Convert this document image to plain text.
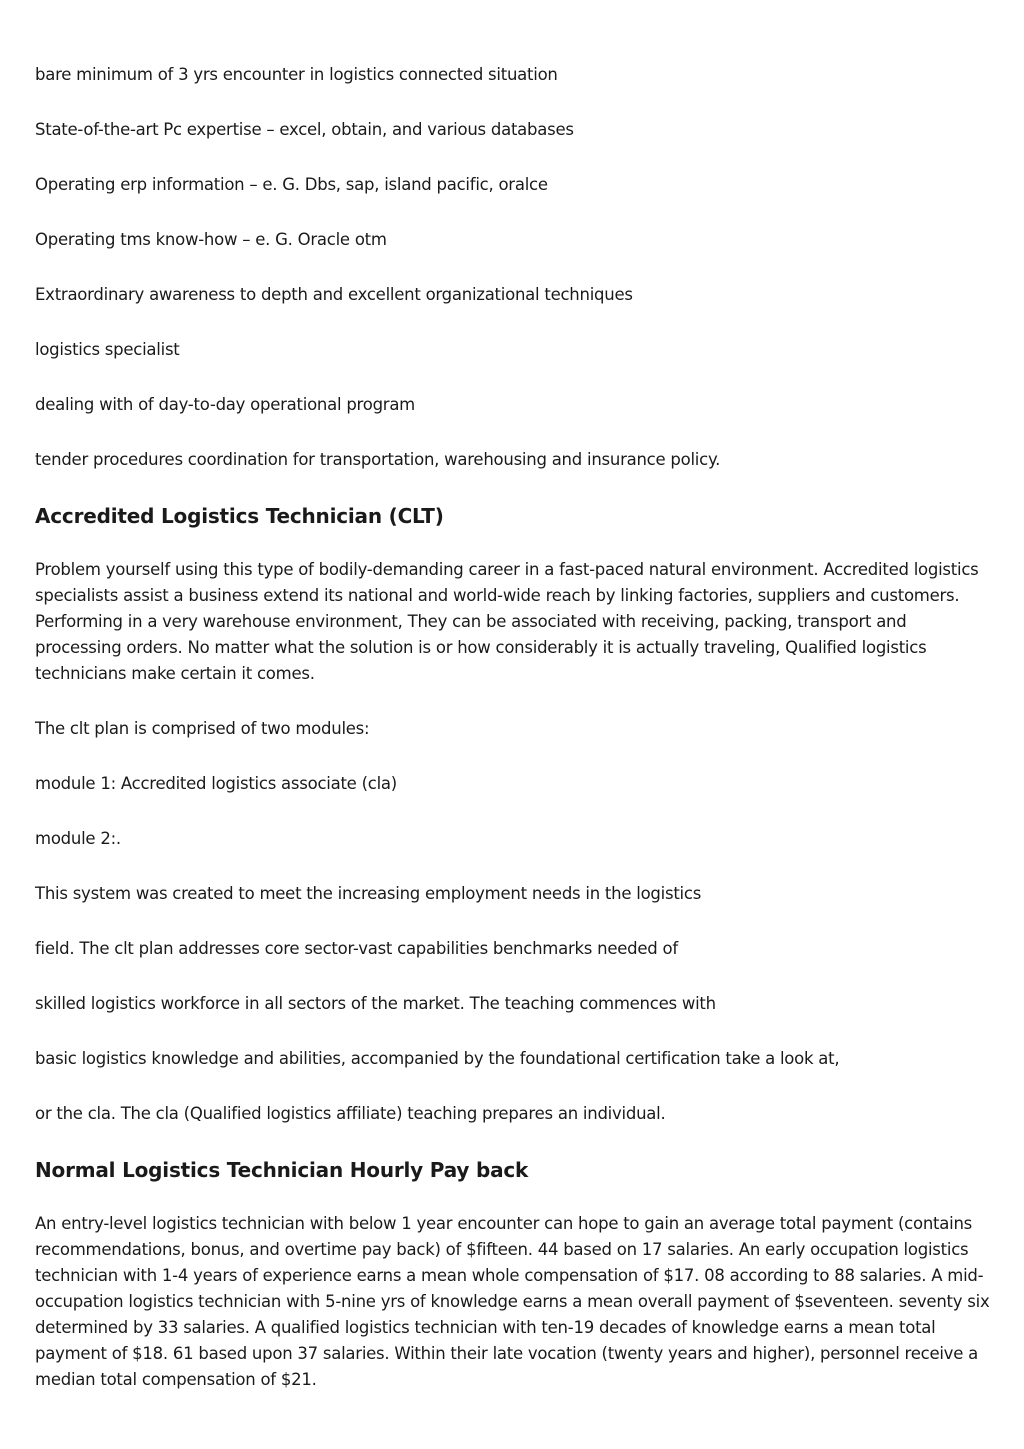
bare minimum of 3 yrs encounter in logistics connected situation

State-of-the-art Pc expertise – excel, obtain, and various databases

Operating erp information – e. G. Dbs, sap, island pacific, oralce

Operating tms know-how – e. G. Oracle otm

Extraordinary awareness to depth and excellent organizational techniques

logistics specialist

dealing with of day-to-day operational program

tender procedures coordination for transportation, warehousing and insurance policy.

Accredited Logistics Technician (CLT)

Problem yourself using this type of bodily-demanding career in a fast-paced natural environment. Accredited logistics specialists assist a business extend its national and world-wide reach by linking factories, suppliers and customers. Performing in a very warehouse environment, They can be associated with receiving, packing, transport and processing orders. No matter what the solution is or how considerably it is actually traveling, Qualified logistics technicians make certain it comes.

The clt plan is comprised of two modules:

module 1: Accredited logistics associate (cla)

module 2:.

This system was created to meet the increasing employment needs in the logistics

field. The clt plan addresses core sector-vast capabilities benchmarks needed of

skilled logistics workforce in all sectors of the market. The teaching commences with

basic logistics knowledge and abilities, accompanied by the foundational certification take a look at,

or the cla. The cla (Qualified logistics affiliate) teaching prepares an individual.

Normal Logistics Technician Hourly Pay back

An entry-level logistics technician with below 1 year encounter can hope to gain an average total payment (contains recommendations, bonus, and overtime pay back) of $fifteen. 44 based on 17 salaries. An early occupation logistics technician with 1-4 years of experience earns a mean whole compensation of $17. 08 according to 88 salaries. A mid-occupation logistics technician with 5-nine yrs of knowledge earns a mean overall payment of $seventeen. seventy six determined by 33 salaries. A qualified logistics technician with ten-19 decades of knowledge earns a mean total payment of $18. 61 based upon 37 salaries. Within their late vocation (twenty years and higher), personnel receive a median total compensation of $21.
